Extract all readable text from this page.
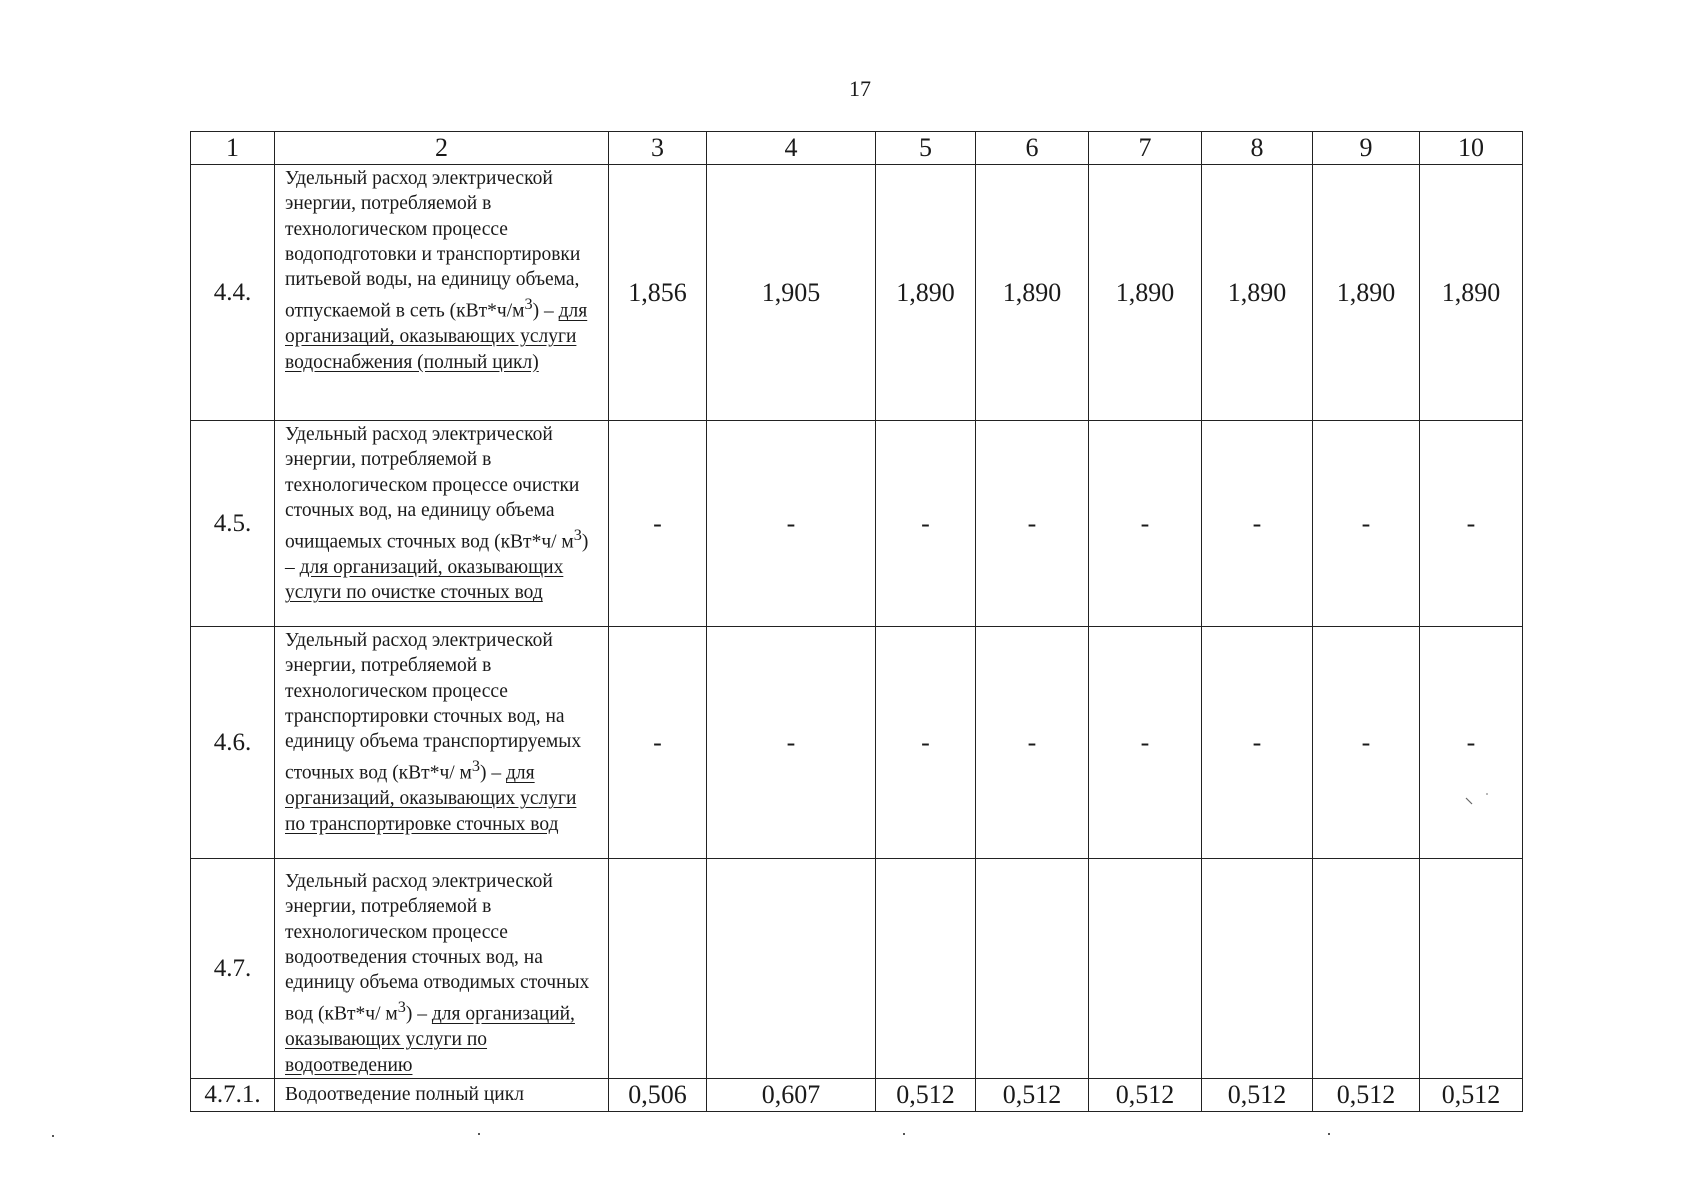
17
1	2	3	4	5	6	7	8	9	10
4.4.	Удельный расход электрической энергии, потребляемой в технологическом процессе водоподготовки и транспортировки питьевой воды, на единицу объема, отпускаемой в сеть $(кВт*ч/м^3)$ – для организаций, оказывающих услуги водоснабжения (полный цикл)	1,856	1,905	1,890	1,890	1,890	1,890	1,890	1,890
4.5.	Удельный расход электрической энергии, потребляемой в технологическом процессе очистки сточных вод, на единицу объема очищаемых сточных вод (кВт*ч/ $м^3$) – для организаций, оказывающих услуги по очистке сточных вод	-	-	-	-	-	-	-	-
4.6.	Удельный расход электрической энергии, потребляемой в технологическом процессе транспортировки сточных вод, на единицу объема транспортируемых сточных вод (кВт*ч/ $м^3$) – для организаций, оказывающих услуги по транспортировке сточных вод	-	-	-	-	-	-	-	-
4.7.	Удельный расход электрической энергии, потребляемой в технологическом процессе водоотведения сточных вод, на единицу объема отводимых сточных вод (кВт*ч/ $м^3$) – для организаций, оказывающих услуги по водоотведению								
4.7.1.	Водоотведение полный цикл	0,506	0,607	0,512	0,512	0,512	0,512	0,512	0,512
